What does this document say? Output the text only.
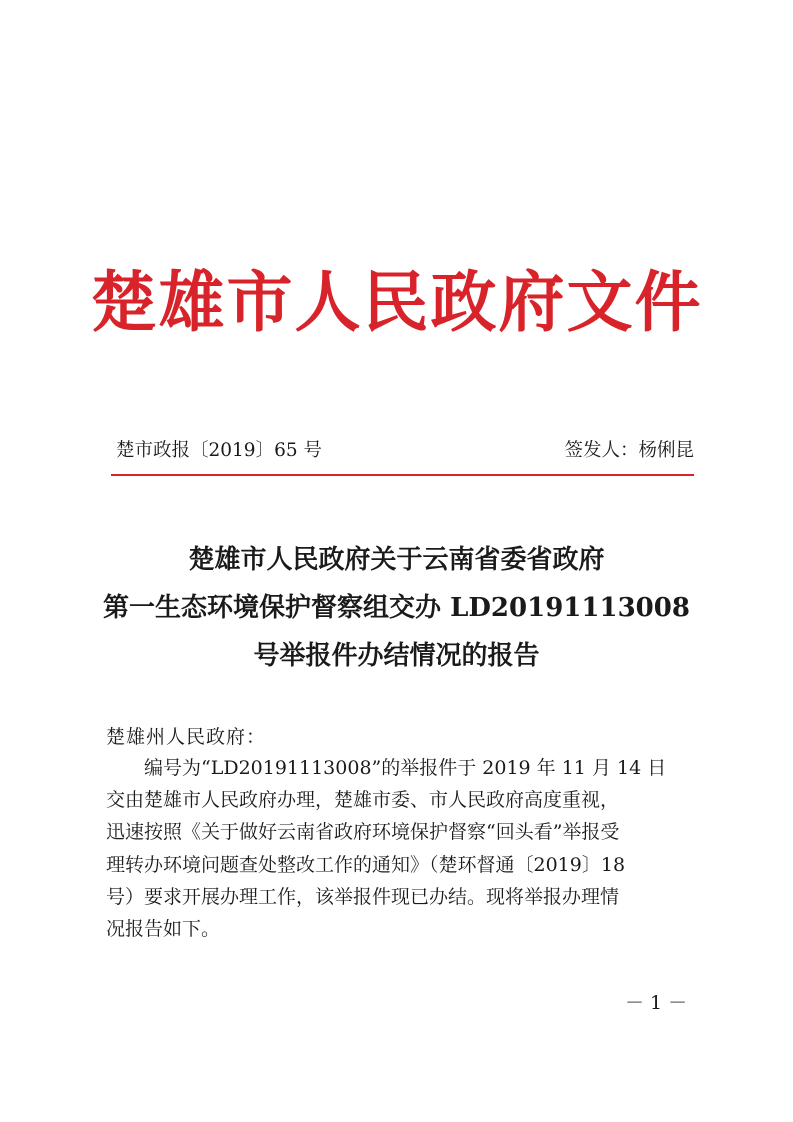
楚雄市人民政府文件
楚市政报〔2019〕65 号	签发人：杨俐昆
楚雄市人民政府关于云南省委省政府
第一生态环境保护督察组交办 LD20191113008
号举报件办结情况的报告
楚雄州人民政府：
编号为“LD20191113008”的举报件于 2019 年 11 月 14 日
交由楚雄市人民政府办理，楚雄市委、市人民政府高度重视，
迅速按照《关于做好云南省政府环境保护督察“回头看”举报受
理转办环境问题查处整改工作的通知》（楚环督通〔2019〕18
号）要求开展办理工作，该举报件现已办结。现将举报办理情
况报告如下。
－ 1 －
